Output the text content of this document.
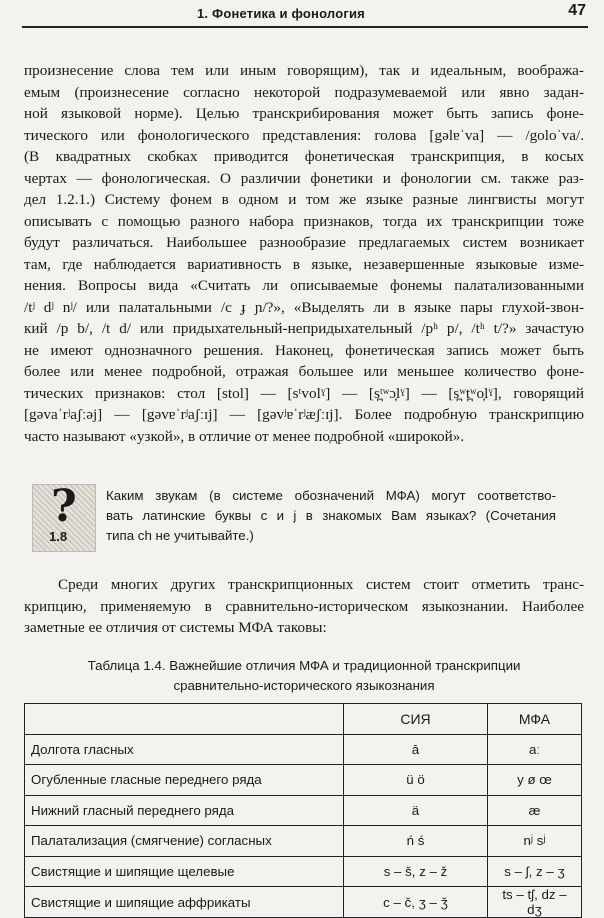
1. Фонетика и фонология	47
произнесение слова тем или иным говорящим), так и идеальным, вообража-
емым (произнесение согласно некоторой подразумеваемой или явно задан-
ной языковой норме). Целью транскрибирования может быть запись фоне-
тического или фонологического представления: голова [gəlɐˈva] — /goloˈva/.
(В квадратных скобках приводится фонетическая транскрипция, в косых
чертах — фонологическая. О различии фонетики и фонологии см. также раз-
дел 1.2.1.) Систему фонем в одном и том же языке разные лингвисты могут
описывать с помощью разного набора признаков, тогда их транскрипции тоже
будут различаться. Наибольшее разнообразие предлагаемых систем возникает
там, где наблюдается вариативность в языке, незавершенные языковые изме-
нения. Вопросы вида «Считать ли описываемые фонемы палатализованными
/tʲ dʲ nʲ/ или палатальными /c ɟ ɲ/?», «Выделять ли в языке пары глухой-звон-
кий /p b/, /t d/ или придыхательный-непридыхательный /pʰ p/, /tʰ t/?» зачастую
не имеют однозначного решения. Наконец, фонетическая запись может быть
более или менее подробной, отражая большее или меньшее количество фоне-
тических признаков: стол [stol] — [sᵗvolˠ] — [s̪ᵗʷɔ̞lˠ] — [s̪ʷt̪ʷo̞lˠ], говорящий
[gəvaˈrʲaʃːəj] — [gəvɐˈrʲaʃːɪj] — [gəvʲɐˈrʲæʃːɪj]. Более подробную транскрипцию
часто называют «узкой», в отличие от менее подробной «широкой».
?
1.8
Каким звукам (в системе обозначений МФА) могут соответство-
вать латинские буквы c и j в знакомых Вам языках? (Сочетания
типа ch не учитывайте.)
Среди многих других транскрипционных систем стоит отметить транс-
крипцию, применяемую в сравнительно-историческом языкознании. Наиболее
заметные ее отличия от системы МФА таковы:
Таблица 1.4. Важнейшие отличия МФА и традиционной транскрипции
сравнительно-исторического языкознания
	СИЯ	МФА
Долгота гласных	ā	aː
Огубленные гласные переднего ряда	ü ö	y ø œ
Нижний гласный переднего ряда	ä	æ
Палатализация (смягчение) согласных	ń ś	nʲ sʲ
Свистящие и шипящие щелевые	s – š, z – ž	s – ʃ, z – ʒ
Свистящие и шипящие аффрикаты	c – č, ʒ – ǯ	ts – tʃ, dz – dʒ
